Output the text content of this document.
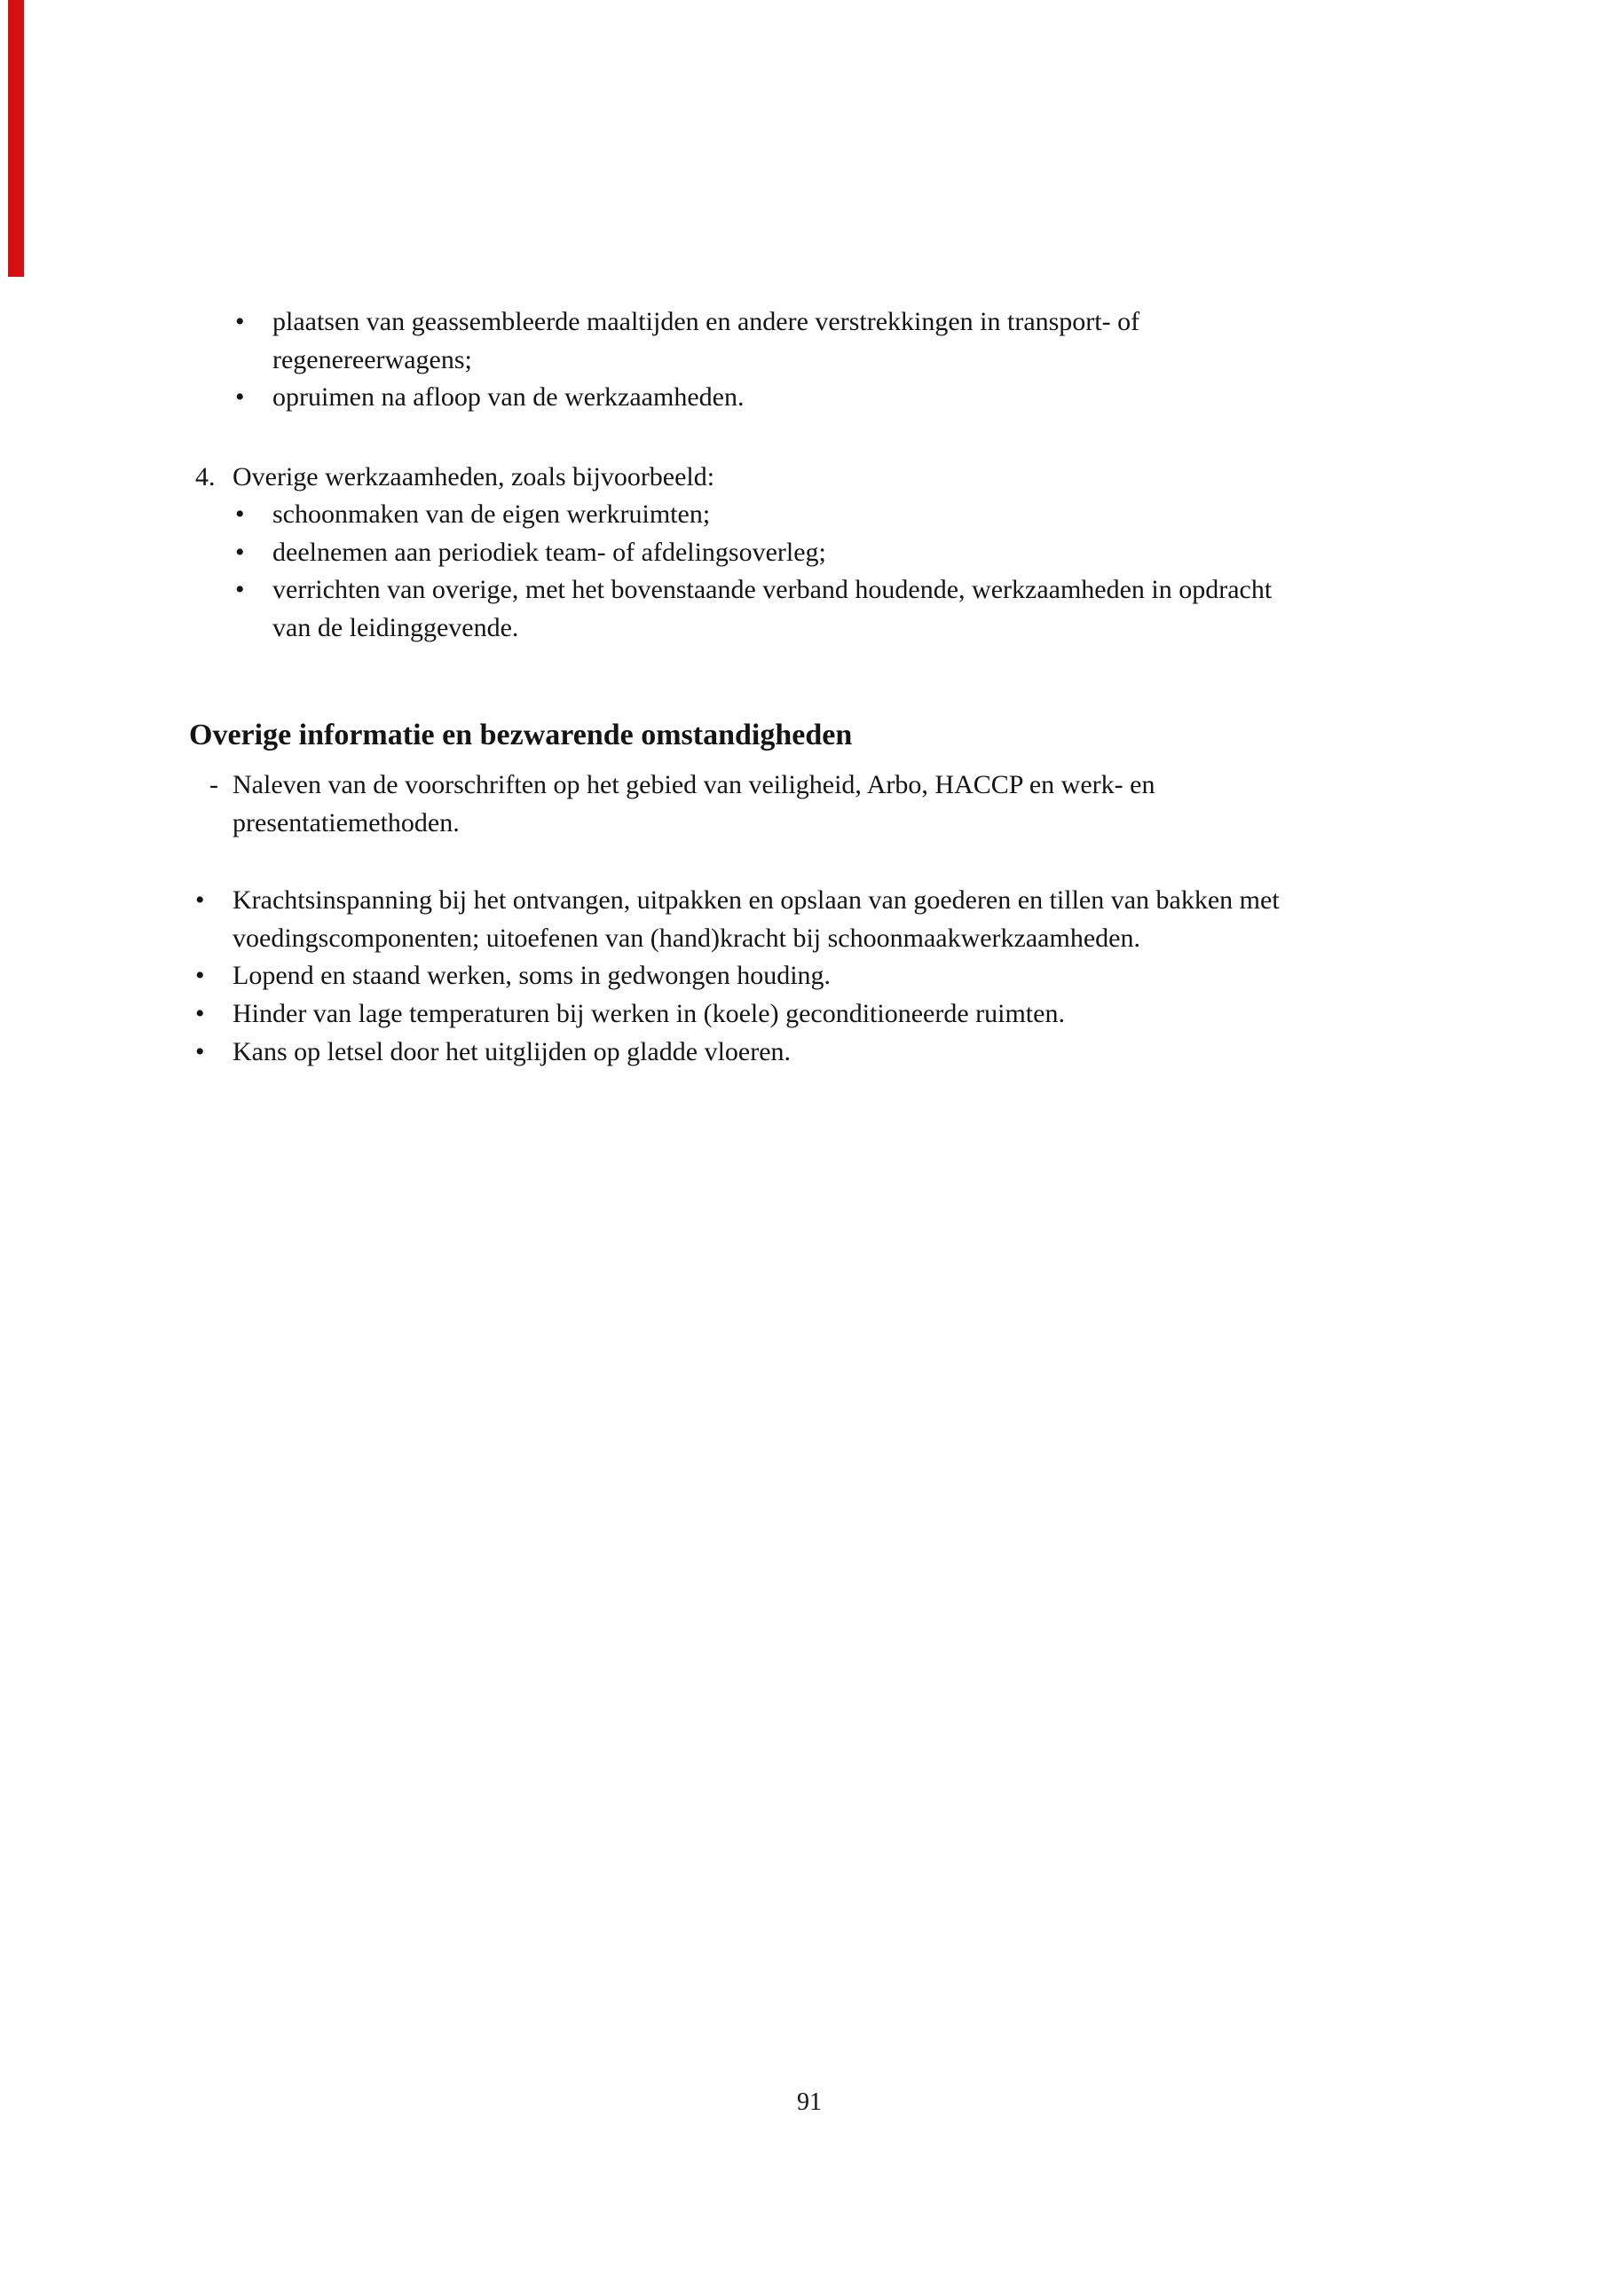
•	plaatsen van geassembleerde maaltijden en andere verstrekkingen in transport- of
regenereerwagens;
•	opruimen na afloop van de werkzaamheden.
4. Overige werkzaamheden, zoals bijvoorbeeld:
•	schoonmaken van de eigen werkruimten;
•	deelnemen aan periodiek team- of afdelingsoverleg;
•	verrichten van overige, met het bovenstaande verband houdende, werkzaamheden in opdracht
van de leidinggevende.
Overige informatie en bezwarende omstandigheden
- Naleven van de voorschriften op het gebied van veiligheid, Arbo, HACCP en werk- en
presentatiemethoden.
•	Krachtsinspanning bij het ontvangen, uitpakken en opslaan van goederen en tillen van bakken met
voedingscomponenten; uitoefenen van (hand)kracht bij schoonmaakwerkzaamheden.
•	Lopend en staand werken, soms in gedwongen houding.
•	Hinder van lage temperaturen bij werken in (koele) geconditioneerde ruimten.
•	Kans op letsel door het uitglijden op gladde vloeren.
91
